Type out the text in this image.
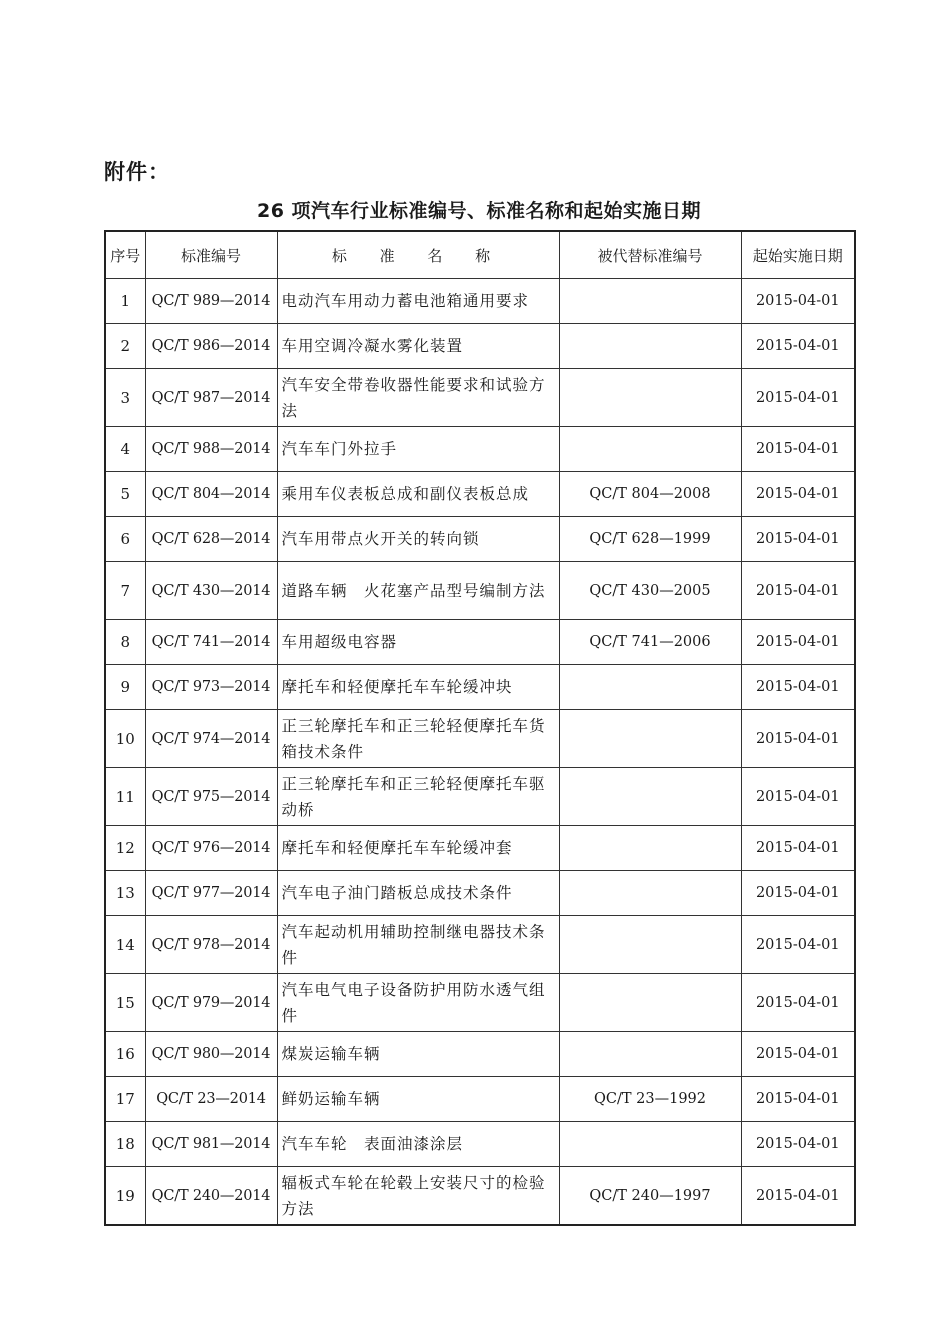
附件：
26 项汽车行业标准编号、标准名称和起始实施日期
序号	标准编号	标 准 名 称	被代替标准编号	起始实施日期
1	QC/T 989—2014	电动汽车用动力蓄电池箱通用要求		2015-04-01
2	QC/T 986—2014	车用空调冷凝水雾化装置		2015-04-01
3	QC/T 987—2014	汽车安全带卷收器性能要求和试验方法		2015-04-01
4	QC/T 988—2014	汽车车门外拉手		2015-04-01
5	QC/T 804—2014	乘用车仪表板总成和副仪表板总成	QC/T 804—2008	2015-04-01
6	QC/T 628—2014	汽车用带点火开关的转向锁	QC/T 628—1999	2015-04-01
7	QC/T 430—2014	道路车辆　火花塞产品型号编制方法	QC/T 430—2005	2015-04-01
8	QC/T 741—2014	车用超级电容器	QC/T 741—2006	2015-04-01
9	QC/T 973—2014	摩托车和轻便摩托车车轮缓冲块		2015-04-01
10	QC/T 974—2014	正三轮摩托车和正三轮轻便摩托车货箱技术条件		2015-04-01
11	QC/T 975—2014	正三轮摩托车和正三轮轻便摩托车驱动桥		2015-04-01
12	QC/T 976—2014	摩托车和轻便摩托车车轮缓冲套		2015-04-01
13	QC/T 977—2014	汽车电子油门踏板总成技术条件		2015-04-01
14	QC/T 978—2014	汽车起动机用辅助控制继电器技术条件		2015-04-01
15	QC/T 979—2014	汽车电气电子设备防护用防水透气组件		2015-04-01
16	QC/T 980—2014	煤炭运输车辆		2015-04-01
17	QC/T 23—2014	鲜奶运输车辆	QC/T 23—1992	2015-04-01
18	QC/T 981—2014	汽车车轮　表面油漆涂层		2015-04-01
19	QC/T 240—2014	辐板式车轮在轮毂上安装尺寸的检验方法	QC/T 240—1997	2015-04-01
